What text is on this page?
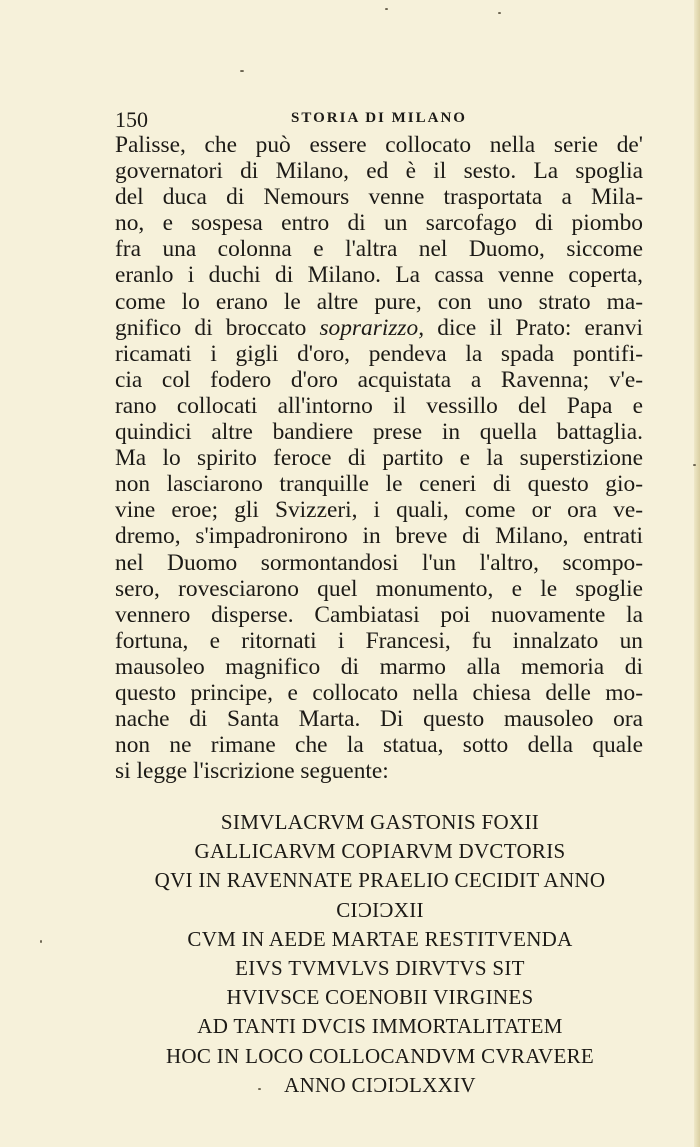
150	STORIA DI MILANO
Palisse, che può essere collocato nella serie de'
governatori di Milano, ed è il sesto. La spoglia
del duca di Nemours venne trasportata a Mila-
no, e sospesa entro di un sarcofago di piombo
fra una colonna e l'altra nel Duomo, siccome
eranlo i duchi di Milano. La cassa venne coperta,
come lo erano le altre pure, con uno strato ma-
gnifico di broccato soprarizzo, dice il Prato: eranvi
ricamati i gigli d'oro, pendeva la spada pontifi-
cia col fodero d'oro acquistata a Ravenna; v'e-
rano collocati all'intorno il vessillo del Papa e
quindici altre bandiere prese in quella battaglia.
Ma lo spirito feroce di partito e la superstizione
non lasciarono tranquille le ceneri di questo gio-
vine eroe; gli Svizzeri, i quali, come or ora ve-
dremo, s'impadronirono in breve di Milano, entrati
nel Duomo sormontandosi l'un l'altro, scompo-
sero, rovesciarono quel monumento, e le spoglie
vennero disperse. Cambiatasi poi nuovamente la
fortuna, e ritornati i Francesi, fu innalzato un
mausoleo magnifico di marmo alla memoria di
questo principe, e collocato nella chiesa delle mo-
nache di Santa Marta. Di questo mausoleo ora
non ne rimane che la statua, sotto della quale
si legge l'iscrizione seguente:
SIMVLACRVM GASTONIS FOXII
GALLICARVM COPIARVM DVCTORIS
QVI IN RAVENNATE PRAELIO CECIDIT ANNO
CIƆIƆXII
CVM IN AEDE MARTAE RESTITVENDA
EIVS TVMVLVS DIRVTVS SIT
HVIVSCE COENOBII VIRGINES
AD TANTI DVCIS IMMORTALITATEM
HOC IN LOCO COLLOCANDVM CVRAVERE
ANNO CIƆIƆLXXIV
